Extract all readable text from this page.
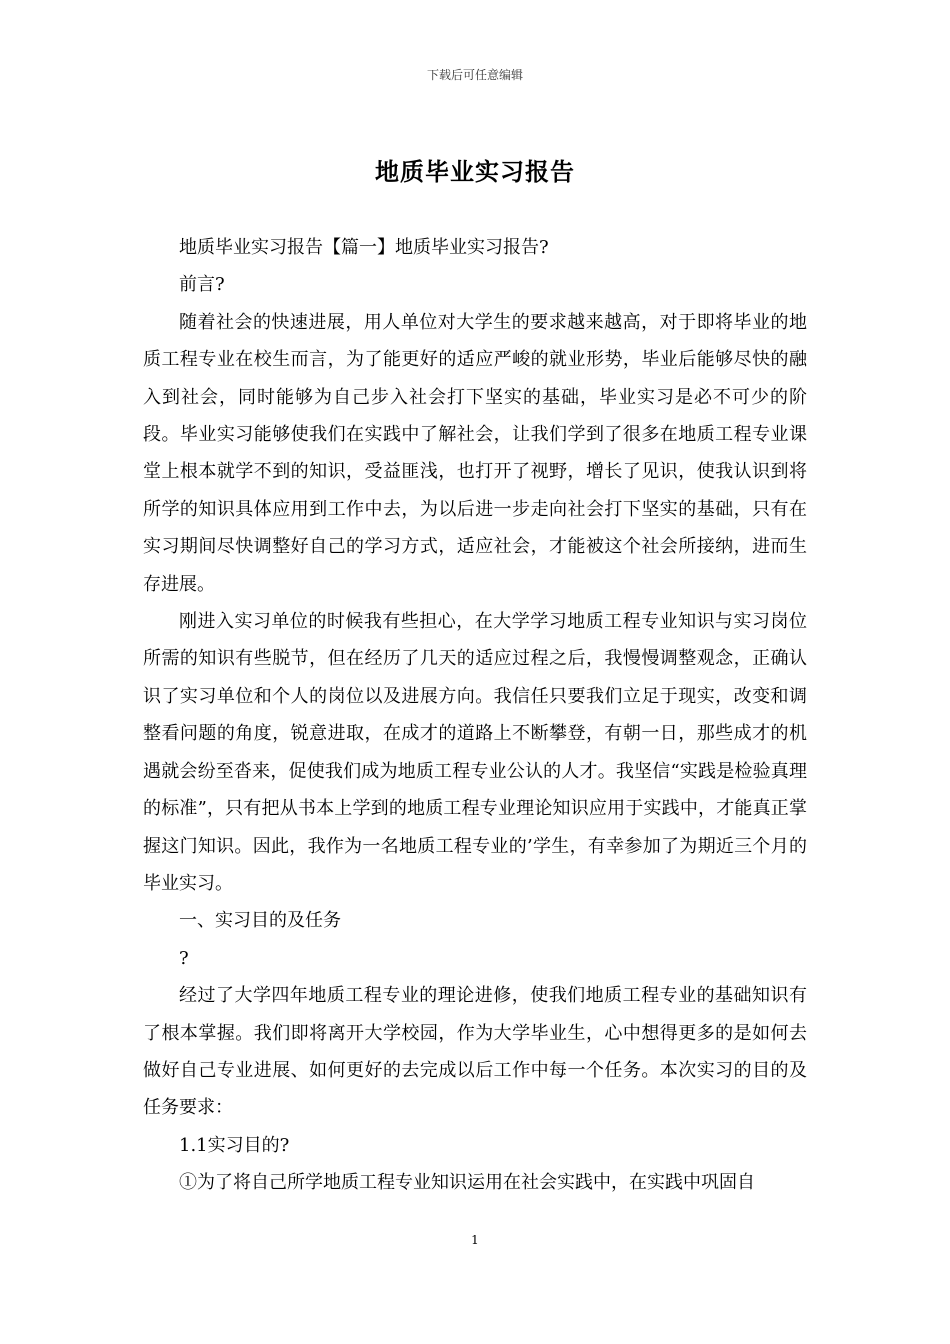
下载后可任意编辑
地质毕业实习报告

地质毕业实习报告【篇一】地质毕业实习报告?

前言?

随着社会的快速进展，用人单位对大学生的要求越来越高，对于即将毕业的地质工程专业在校生而言，为了能更好的适应严峻的就业形势，毕业后能够尽快的融入到社会，同时能够为自己步入社会打下坚实的基础，毕业实习是必不可少的阶段。毕业实习能够使我们在实践中了解社会，让我们学到了很多在地质工程专业课堂上根本就学不到的知识，受益匪浅，也打开了视野，增长了见识，使我认识到将所学的知识具体应用到工作中去，为以后进一步走向社会打下坚实的基础，只有在实习期间尽快调整好自己的学习方式，适应社会，才能被这个社会所接纳，进而生存进展。

刚进入实习单位的时候我有些担心，在大学学习地质工程专业知识与实习岗位所需的知识有些脱节，但在经历了几天的适应过程之后，我慢慢调整观念，正确认识了实习单位和个人的岗位以及进展方向。我信任只要我们立足于现实，改变和调整看问题的角度，锐意进取，在成才的道路上不断攀登，有朝一日，那些成才的机遇就会纷至沓来，促使我们成为地质工程专业公认的人才。我坚信“实践是检验真理的标准”，只有把从书本上学到的地质工程专业理论知识应用于实践中，才能真正掌握这门知识。因此，我作为一名地质工程专业的’学生，有幸参加了为期近三个月的毕业实习。

一、实习目的及任务

?

经过了大学四年地质工程专业的理论进修，使我们地质工程专业的基础知识有了根本掌握。我们即将离开大学校园，作为大学毕业生，心中想得更多的是如何去做好自己专业进展、如何更好的去完成以后工作中每一个任务。本次实习的目的及任务要求：

1.1实习目的?

①为了将自己所学地质工程专业知识运用在社会实践中，在实践中巩固自

1
